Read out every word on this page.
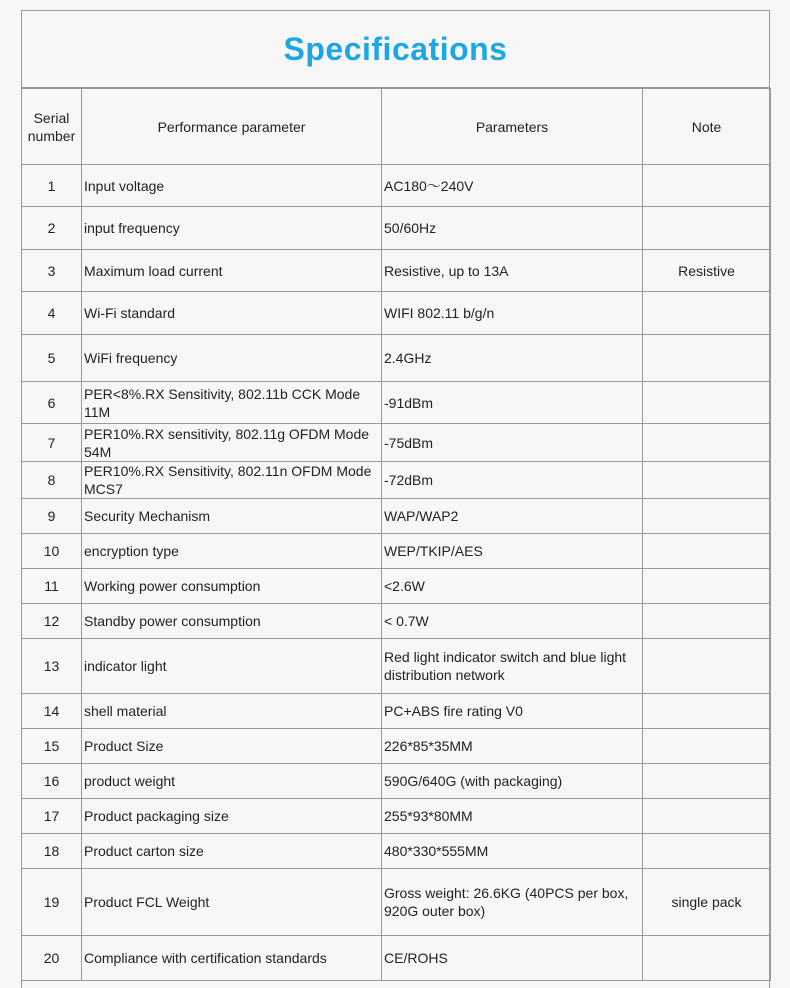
Specifications
Serial number	Performance parameter	Parameters	Note
1	Input voltage	AC180～240V	
2	input frequency	50/60Hz	
3	Maximum load current	Resistive, up to 13A	Resistive
4	Wi-Fi standard	WIFI 802.11 b/g/n	
5	WiFi frequency	2.4GHz	
6	PER<8%.RX Sensitivity, 802.11b CCK Mode 11M	-91dBm	
7	PER10%.RX sensitivity, 802.11g OFDM Mode 54M	-75dBm	
8	PER10%.RX Sensitivity, 802.11n OFDM Mode MCS7	-72dBm	
9	Security Mechanism	WAP/WAP2	
10	encryption type	WEP/TKIP/AES	
11	Working power consumption	<2.6W	
12	Standby power consumption	< 0.7W	
13	indicator light	Red light indicator switch and blue light distribution network	
14	shell material	PC+ABS fire rating V0	
15	Product Size	226*85*35MM	
16	product weight	590G/640G (with packaging)	
17	Product packaging size	255*93*80MM	
18	Product carton size	480*330*555MM	
19	Product FCL Weight	Gross weight: 26.6KG (40PCS per box, 920G outer box)	single pack
20	Compliance with certification standards	CE/ROHS	
